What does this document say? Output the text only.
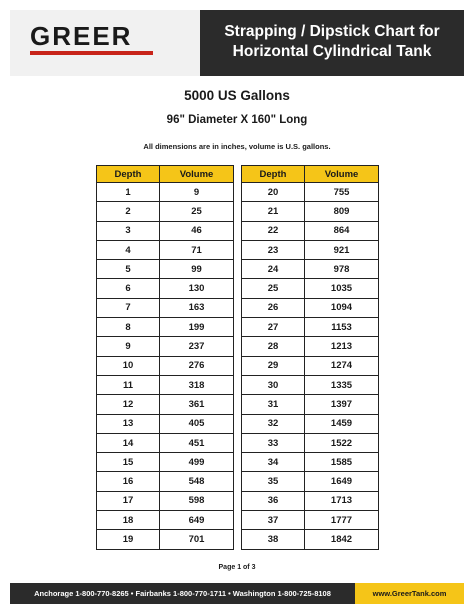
GREER	Strapping / Dipstick Chart for
Horizontal Cylindrical Tank
5000 US Gallons
96" Diameter X 160" Long
All dimensions are in inches, volume is U.S. gallons.
Depth	Volume
1	9
2	25
3	46
4	71
5	99
6	130
7	163
8	199
9	237
10	276
11	318
12	361
13	405
14	451
15	499
16	548
17	598
18	649
19	701
Depth	Volume
20	755
21	809
22	864
23	921
24	978
25	1035
26	1094
27	1153
28	1213
29	1274
30	1335
31	1397
32	1459
33	1522
34	1585
35	1649
36	1713
37	1777
38	1842
Page 1 of 3
Anchorage 1-800-770-8265 • Fairbanks 1-800-770-1711 • Washington 1-800-725-8108	www.GreerTank.com
